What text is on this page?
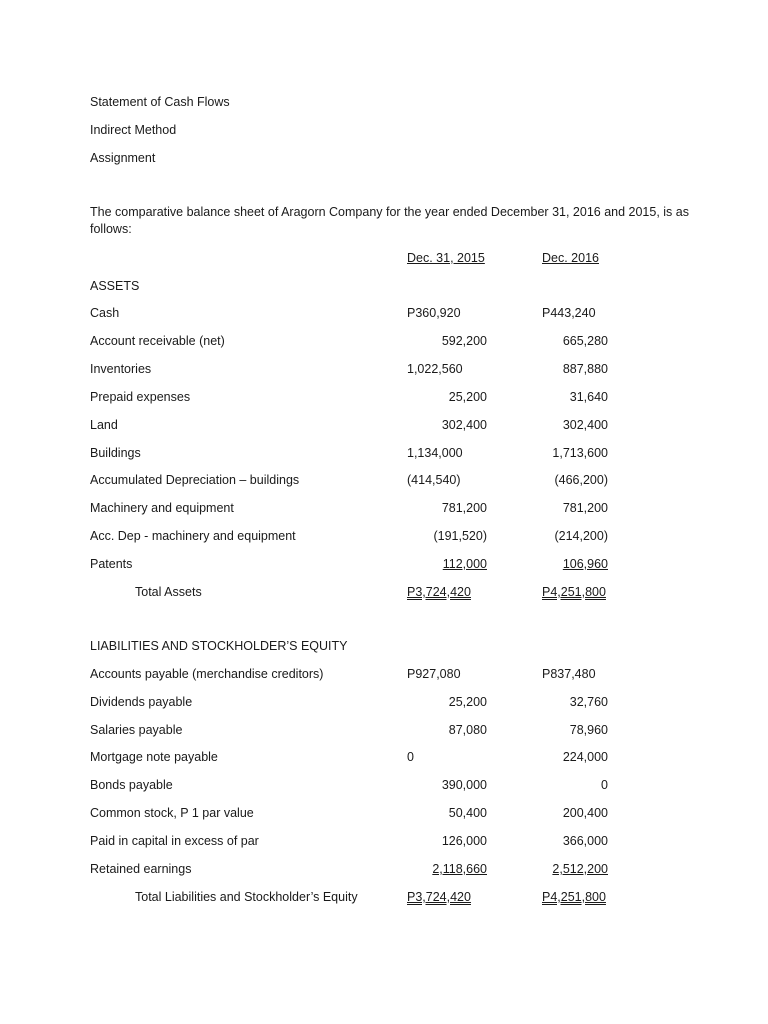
Statement of Cash Flows
Indirect Method
Assignment
The comparative balance sheet of Aragorn Company for the year ended December 31, 2016 and 2015, is as follows:
Dec. 31, 2015	Dec. 2016
ASSETS
Cash	P360,920	P443,240
Account receivable (net)	592,200	665,280
Inventories	1,022,560	887,880
Prepaid expenses	25,200	31,640
Land	302,400	302,400
Buildings	1,134,000	1,713,600
Accumulated Depreciation – buildings	(414,540)	(466,200)
Machinery and equipment	781,200	781,200
Acc. Dep - machinery and equipment	(191,520)	(214,200)
Patents	112,000	106,960
Total Assets	P3,724,420	P4,251,800
LIABILITIES AND STOCKHOLDER’S EQUITY
Accounts payable (merchandise creditors)	P927,080	P837,480
Dividends payable	25,200	32,760
Salaries payable	87,080	78,960
Mortgage note payable	0	224,000
Bonds payable	390,000	0
Common stock, P 1 par value	50,400	200,400
Paid in capital in excess of par	126,000	366,000
Retained earnings	2,118,660	2,512,200
Total Liabilities and Stockholder’s Equity	P3,724,420	P4,251,800
